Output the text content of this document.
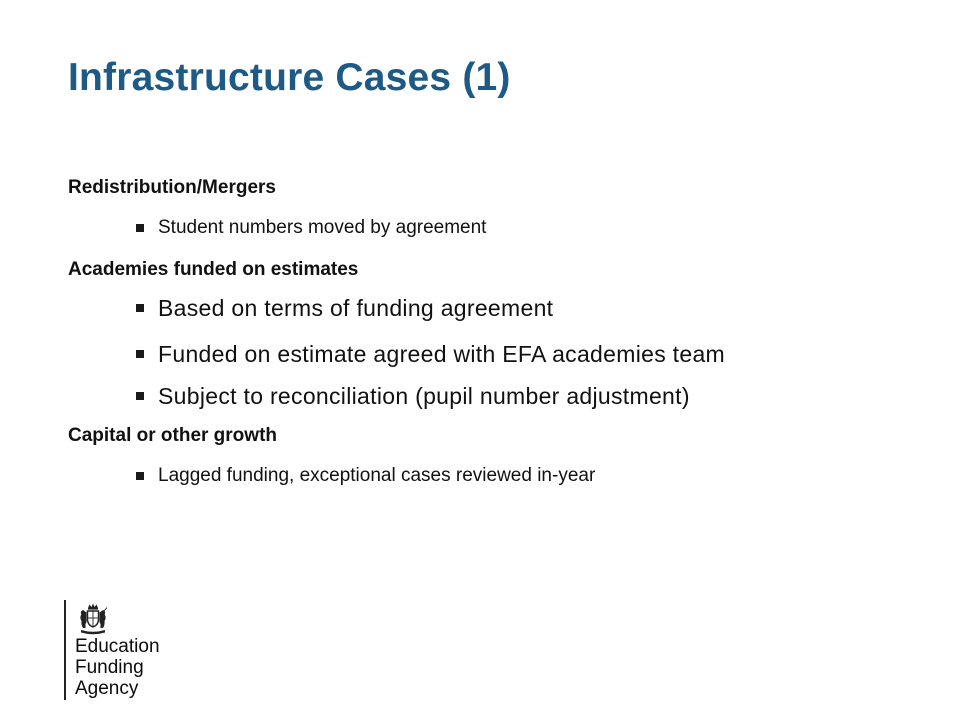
Infrastructure Cases (1)
Redistribution/Mergers
Student numbers moved by agreement
Academies funded on estimates
Based on terms of funding agreement
Funded on estimate agreed with EFA academies team
Subject to reconciliation (pupil number adjustment)
Capital or other growth
Lagged funding, exceptional cases reviewed in-year
Education
Funding
Agency
